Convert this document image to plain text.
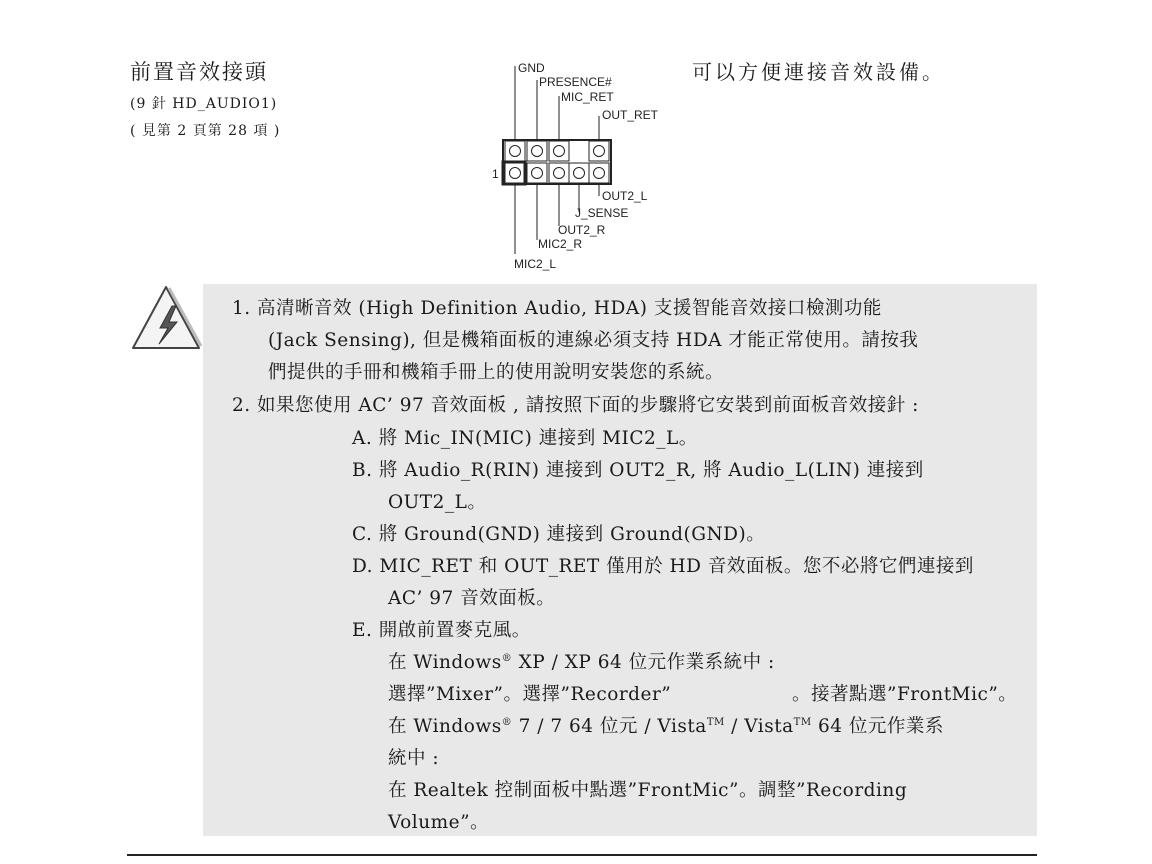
前置音效接頭
(9 針 HD_AUDIO1)
( 見第 2 頁第 28 項 )
可以方便連接音效設備。
GND
PRESENCE#
MIC_RET
OUT_RET
OUT2_L
J_SENSE
OUT2_R
MIC2_R
MIC2_L
1
1. 高清晰音效 (High Definition Audio, HDA) 支援智能音效接口檢測功能
(Jack Sensing), 但是機箱面板的連線必須支持 HDA 才能正常使用。請按我
們提供的手冊和機箱手冊上的使用說明安裝您的系統。
2. 如果您使用 AC’ 97 音效面板 , 請按照下面的步驟將它安裝到前面板音效接針 :
A. 將 Mic_IN(MIC) 連接到 MIC2_L。
B. 將 Audio_R(RIN) 連接到 OUT2_R, 將 Audio_L(LIN) 連接到
OUT2_L。
C. 將 Ground(GND) 連接到 Ground(GND)。
D. MIC_RET 和 OUT_RET 僅用於 HD 音效面板。您不必將它們連接到
AC’ 97 音效面板。
E. 開啟前置麥克風。
在 Windows® XP / XP 64 位元作業系統中 :
選擇”Mixer”。選擇”Recorder”	。接著點選”FrontMic”。
在 Windows® 7 / 7 64 位元 / Vista™ / Vista™ 64 位元作業系
統中 :
在 Realtek 控制面板中點選”FrontMic”。調整”Recording
Volume”。
